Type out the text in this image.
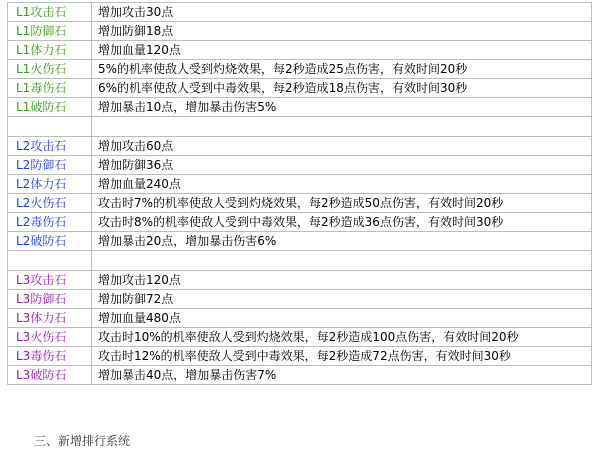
L1攻击石	增加攻击30点
L1防御石	增加防御18点
L1体力石	增加血量120点
L1火伤石	5%的机率使敌人受到灼烧效果，每2秒造成25点伤害，有效时间20秒
L1毒伤石	6%的机率使敌人受到中毒效果，每2秒造成18点伤害，有效时间30秒
L1破防石	增加暴击10点，增加暴击伤害5%

L2攻击石	增加攻击60点
L2防御石	增加防御36点
L2体力石	增加血量240点
L2火伤石	攻击时7%的机率使敌人受到灼烧效果，每2秒造成50点伤害，有效时间20秒
L2毒伤石	攻击时8%的机率使敌人受到中毒效果，每2秒造成36点伤害，有效时间30秒
L2破防石	增加暴击20点，增加暴击伤害6%

L3攻击石	增加攻击120点
L3防御石	增加防御72点
L3体力石	增加血量480点
L3火伤石	攻击时10%的机率使敌人受到灼烧效果，每2秒造成100点伤害，有效时间20秒
L3毒伤石	攻击时12%的机率使敌人受到中毒效果，每2秒造成72点伤害，有效时间30秒
L3破防石	增加暴击40点，增加暴击伤害7%
三、新增排行系统
